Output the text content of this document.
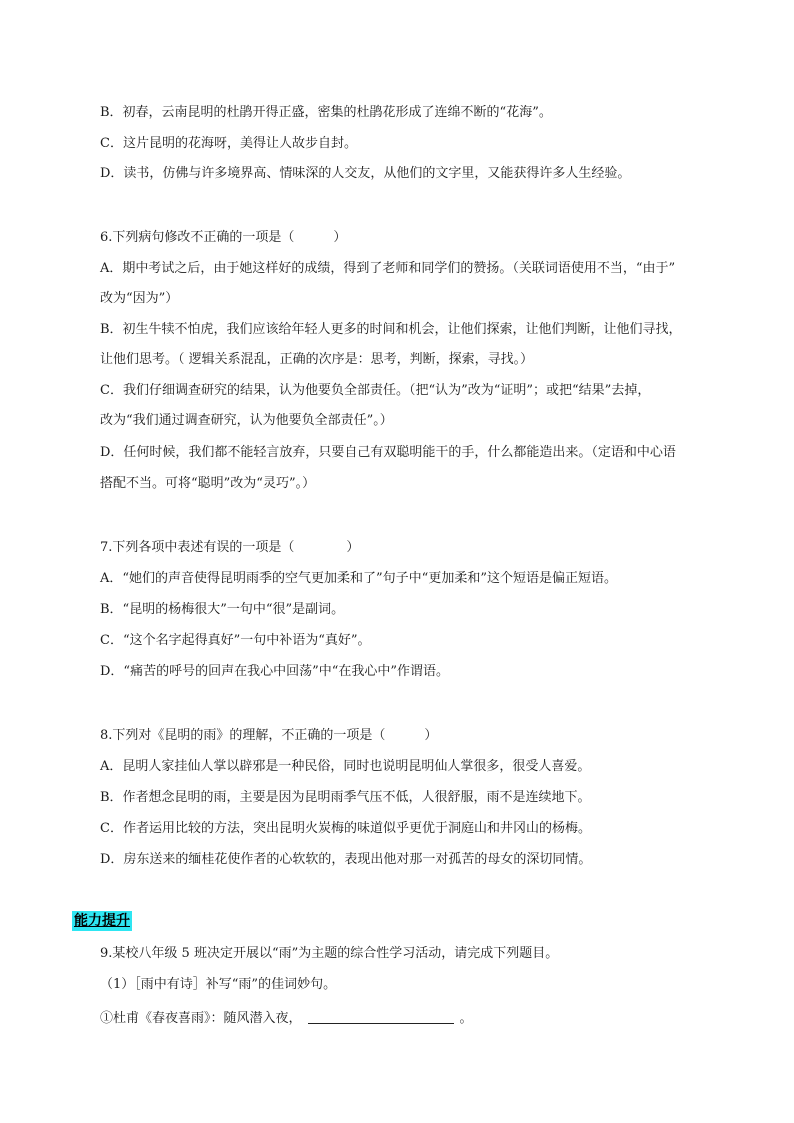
B．初春，云南昆明的杜鹃开得正盛，密集的杜鹃花形成了连绵不断的“花海”。
C．这片昆明的花海呀，美得让人故步自封。
D．读书，仿佛与许多境界高、情味深的人交友，从他们的文字里，又能获得许多人生经验。
6.下列病句修改不正确的一项是（　　　）
A．期中考试之后，由于她这样好的成绩，得到了老师和同学们的赞扬。（关联词语使用不当，“由于”
改为“因为”）
B．初生牛犊不怕虎，我们应该给年轻人更多的时间和机会，让他们探索，让他们判断，让他们寻找，
让他们思考。（ 逻辑关系混乱，正确的次序是：思考，判断，探索，寻找。）
C．我们仔细调查研究的结果，认为他要负全部责任。（把“认为”改为“证明”；或把“结果”去掉，
改为“我们通过调查研究，认为他要负全部责任”。）
D．任何时候，我们都不能轻言放弃，只要自己有双聪明能干的手，什么都能造出来。（定语和中心语
搭配不当。可将“聪明”改为“灵巧”。）
7.下列各项中表述有误的一项是（　　　　）
A．“她们的声音使得昆明雨季的空气更加柔和了”句子中“更加柔和”这个短语是偏正短语。
B．“昆明的杨梅很大”一句中“很”是副词。
C．“这个名字起得真好”一句中补语为“真好”。
D．“痛苦的呼号的回声在我心中回荡”中“在我心中”作谓语。
8.下列对《昆明的雨》的理解，不正确的一项是（　　　）
A．昆明人家挂仙人掌以辟邪是一种民俗，同时也说明昆明仙人掌很多，很受人喜爱。
B．作者想念昆明的雨，主要是因为昆明雨季气压不低，人很舒服，雨不是连续地下。
C．作者运用比较的方法，突出昆明火炭梅的味道似乎更优于洞庭山和井冈山的杨梅。
D．房东送来的缅桂花使作者的心软软的，表现出他对那一对孤苦的母女的深切同情。
能力提升
9.某校八年级 5 班决定开展以“雨”为主题的综合性学习活动，请完成下列题目。
（1）［雨中有诗］补写“雨”的佳词妙句。
①杜甫《春夜喜雨》：随风潜入夜，	。
